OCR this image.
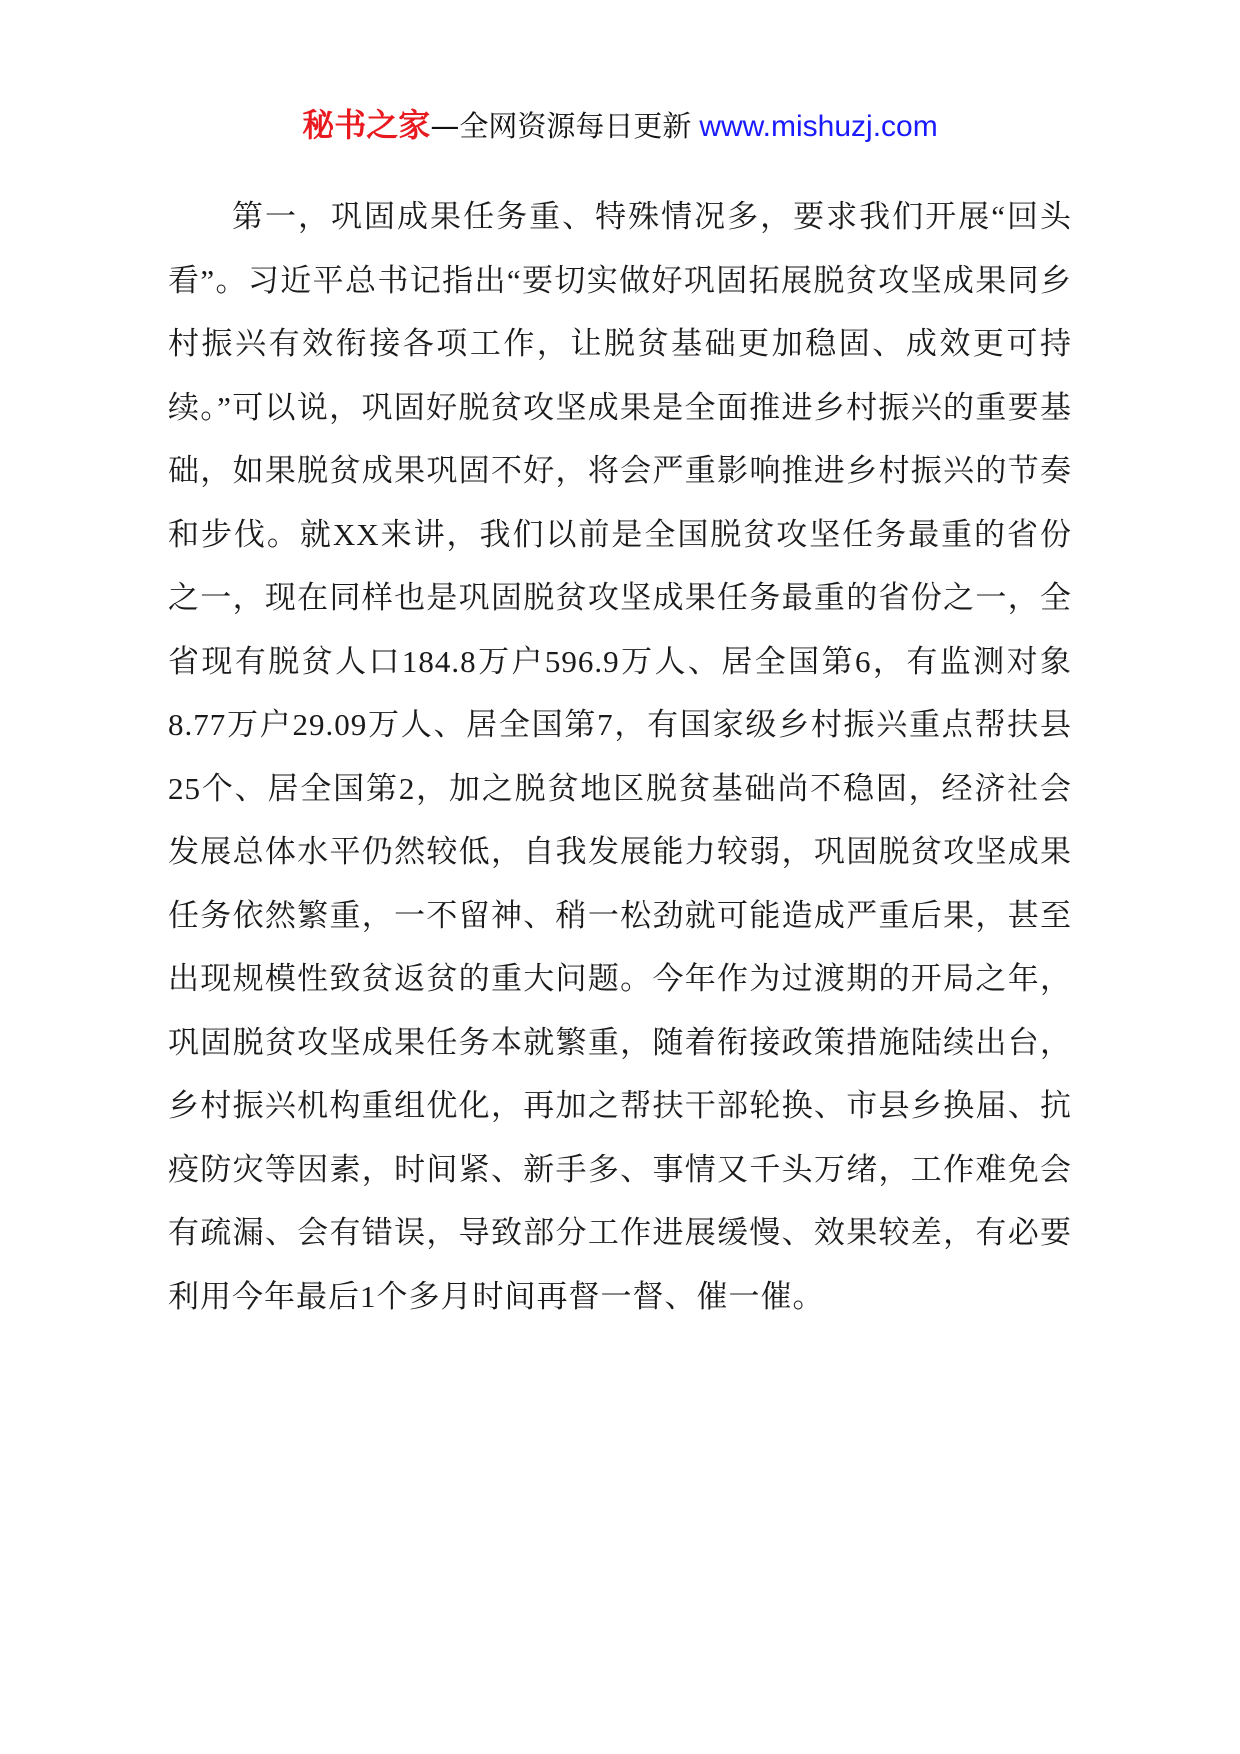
秘书之家—全网资源每日更新 www.mishuzj.com

第一，巩固成果任务重、特殊情况多，要求我们开展“回头看”。习近平总书记指出“要切实做好巩固拓展脱贫攻坚成果同乡村振兴有效衔接各项工作，让脱贫基础更加稳固、成效更可持续。”可以说，巩固好脱贫攻坚成果是全面推进乡村振兴的重要基础，如果脱贫成果巩固不好，将会严重影响推进乡村振兴的节奏和步伐。就XX来讲，我们以前是全国脱贫攻坚任务最重的省份之一，现在同样也是巩固脱贫攻坚成果任务最重的省份之一，全省现有脱贫人口184.8万户596.9万人、居全国第6，有监测对象8.77万户29.09万人、居全国第7，有国家级乡村振兴重点帮扶县25个、居全国第2，加之脱贫地区脱贫基础尚不稳固，经济社会发展总体水平仍然较低，自我发展能力较弱，巩固脱贫攻坚成果任务依然繁重，一不留神、稍一松劲就可能造成严重后果，甚至出现规模性致贫返贫的重大问题。今年作为过渡期的开局之年，巩固脱贫攻坚成果任务本就繁重，随着衔接政策措施陆续出台，乡村振兴机构重组优化，再加之帮扶干部轮换、市县乡换届、抗疫防灾等因素，时间紧、新手多、事情又千头万绪，工作难免会有疏漏、会有错误，导致部分工作进展缓慢、效果较差，有必要利用今年最后1个多月时间再督一督、催一催。
